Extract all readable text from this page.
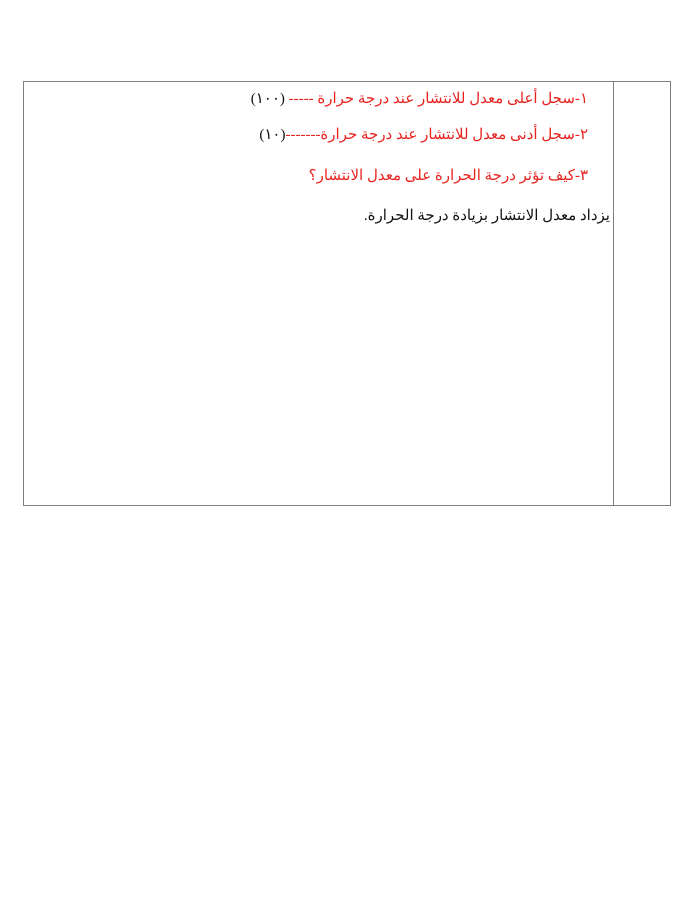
١-سجل أعلى معدل للانتشار عند درجة حرارة ----- (١٠٠)
٢-سجل أدنى معدل للانتشار عند درجة حرارة-------(١٠)
٣-كيف تؤثر درجة الحرارة على معدل الانتشار؟
يزداد معدل الانتشار بزيادة درجة الحرارة.
